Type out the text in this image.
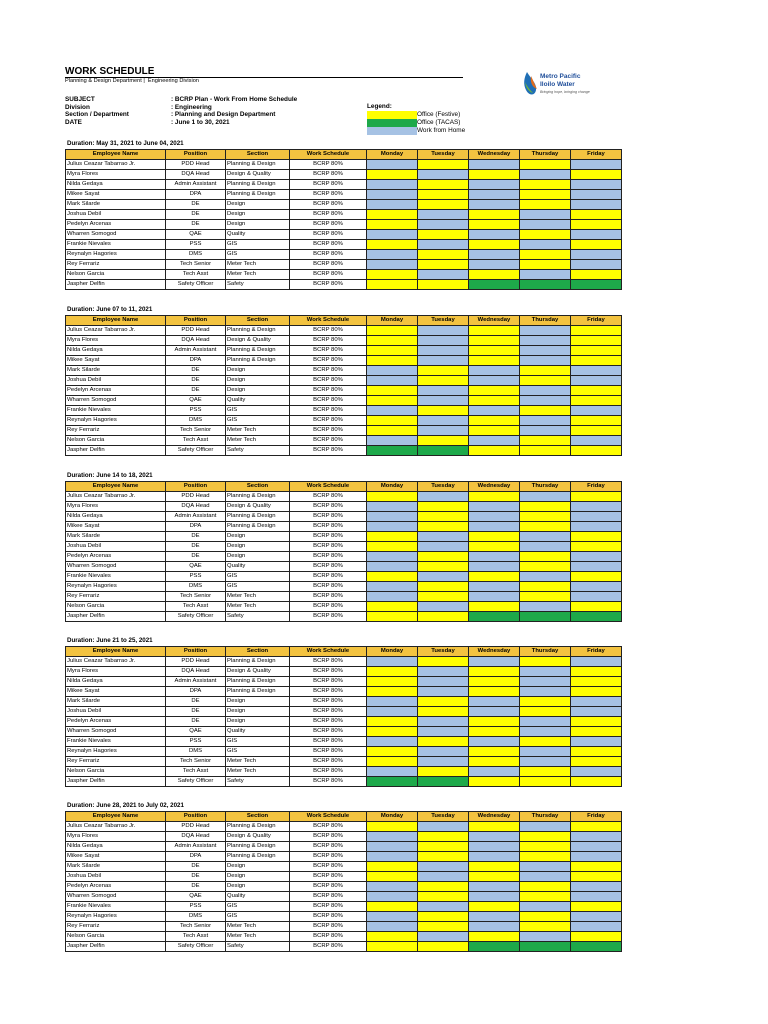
WORK SCHEDULE
Planning & Design Department |  Engineering Division
Metro Pacific
Iloilo Water
Bringing hope, bringing change
SUBJECT	: BCRP Plan - Work From Home Schedule
Division	: Engineering
Section / Department	: Planning and Design Department
DATE	: June 1 to 30, 2021
Legend:
Office (Festive)
Office (TACAS)
Work from Home
Duration: May 31, 2021 to June 04, 2021
Employee Name	Position	Section	Work Schedule	Monday	Tuesday	Wednesday	Thursday	Friday
Julius Ceazar Tabarrao Jr.	PDD Head	Planning & Design	BCRP 80%					
Myra Flores	DQA Head	Design & Quality	BCRP 80%					
Nilda Gedaya	Admin Assistant	Planning & Design	BCRP 80%					
Mikee Sayat	DPA	Planning & Design	BCRP 80%					
Mark Silarde	DE	Design	BCRP 80%					
Joshua Debil	DE	Design	BCRP 80%					
Pedelyn Arcenas	DE	Design	BCRP 80%					
Wharren Somogod	QAE	Quality	BCRP 80%					
Frankie Nievales	PSS	GIS	BCRP 80%					
Reynalyn Hagories	DMS	GIS	BCRP 80%					
Rey Ferrariz	Tech Senior	Meter Tech	BCRP 80%					
Nelson Garcia	Tech Asst	Meter Tech	BCRP 80%					
Jaspher Delfin	Safety Officer	Safety	BCRP 80%					
Duration: June 07 to 11, 2021
Employee Name	Position	Section	Work Schedule	Monday	Tuesday	Wednesday	Thursday	Friday
Julius Ceazar Tabarrao Jr.	PDD Head	Planning & Design	BCRP 80%					
Myra Flores	DQA Head	Design & Quality	BCRP 80%					
Nilda Gedaya	Admin Assistant	Planning & Design	BCRP 80%					
Mikee Sayat	DPA	Planning & Design	BCRP 80%					
Mark Silarde	DE	Design	BCRP 80%					
Joshua Debil	DE	Design	BCRP 80%					
Pedelyn Arcenas	DE	Design	BCRP 80%					
Wharren Somogod	QAE	Quality	BCRP 80%					
Frankie Nievales	PSS	GIS	BCRP 80%					
Reynalyn Hagories	DMS	GIS	BCRP 80%					
Rey Ferrariz	Tech Senior	Meter Tech	BCRP 80%					
Nelson Garcia	Tech Asst	Meter Tech	BCRP 80%					
Jaspher Delfin	Safety Officer	Safety	BCRP 80%					
Duration: June 14 to 18, 2021
Employee Name	Position	Section	Work Schedule	Monday	Tuesday	Wednesday	Thursday	Friday
Julius Ceazar Tabarrao Jr.	PDD Head	Planning & Design	BCRP 80%					
Myra Flores	DQA Head	Design & Quality	BCRP 80%					
Nilda Gedaya	Admin Assistant	Planning & Design	BCRP 80%					
Mikee Sayat	DPA	Planning & Design	BCRP 80%					
Mark Silarde	DE	Design	BCRP 80%					
Joshua Debil	DE	Design	BCRP 80%					
Pedelyn Arcenas	DE	Design	BCRP 80%					
Wharren Somogod	QAE	Quality	BCRP 80%					
Frankie Nievales	PSS	GIS	BCRP 80%					
Reynalyn Hagories	DMS	GIS	BCRP 80%					
Rey Ferrariz	Tech Senior	Meter Tech	BCRP 80%					
Nelson Garcia	Tech Asst	Meter Tech	BCRP 80%					
Jaspher Delfin	Safety Officer	Safety	BCRP 80%					
Duration: June 21 to 25, 2021
Employee Name	Position	Section	Work Schedule	Monday	Tuesday	Wednesday	Thursday	Friday
Julius Ceazar Tabarrao Jr.	PDD Head	Planning & Design	BCRP 80%					
Myra Flores	DQA Head	Design & Quality	BCRP 80%					
Nilda Gedaya	Admin Assistant	Planning & Design	BCRP 80%					
Mikee Sayat	DPA	Planning & Design	BCRP 80%					
Mark Silarde	DE	Design	BCRP 80%					
Joshua Debil	DE	Design	BCRP 80%					
Pedelyn Arcenas	DE	Design	BCRP 80%					
Wharren Somogod	QAE	Quality	BCRP 80%					
Frankie Nievales	PSS	GIS	BCRP 80%					
Reynalyn Hagories	DMS	GIS	BCRP 80%					
Rey Ferrariz	Tech Senior	Meter Tech	BCRP 80%					
Nelson Garcia	Tech Asst	Meter Tech	BCRP 80%					
Jaspher Delfin	Safety Officer	Safety	BCRP 80%					
Duration: June 28, 2021 to July 02, 2021
Employee Name	Position	Section	Work Schedule	Monday	Tuesday	Wednesday	Thursday	Friday
Julius Ceazar Tabarrao Jr.	PDD Head	Planning & Design	BCRP 80%					
Myra Flores	DQA Head	Design & Quality	BCRP 80%					
Nilda Gedaya	Admin Assistant	Planning & Design	BCRP 80%					
Mikee Sayat	DPA	Planning & Design	BCRP 80%					
Mark Silarde	DE	Design	BCRP 80%					
Joshua Debil	DE	Design	BCRP 80%					
Pedelyn Arcenas	DE	Design	BCRP 80%					
Wharren Somogod	QAE	Quality	BCRP 80%					
Frankie Nievales	PSS	GIS	BCRP 80%					
Reynalyn Hagories	DMS	GIS	BCRP 80%					
Rey Ferrariz	Tech Senior	Meter Tech	BCRP 80%					
Nelson Garcia	Tech Asst	Meter Tech	BCRP 80%					
Jaspher Delfin	Safety Officer	Safety	BCRP 80%					
